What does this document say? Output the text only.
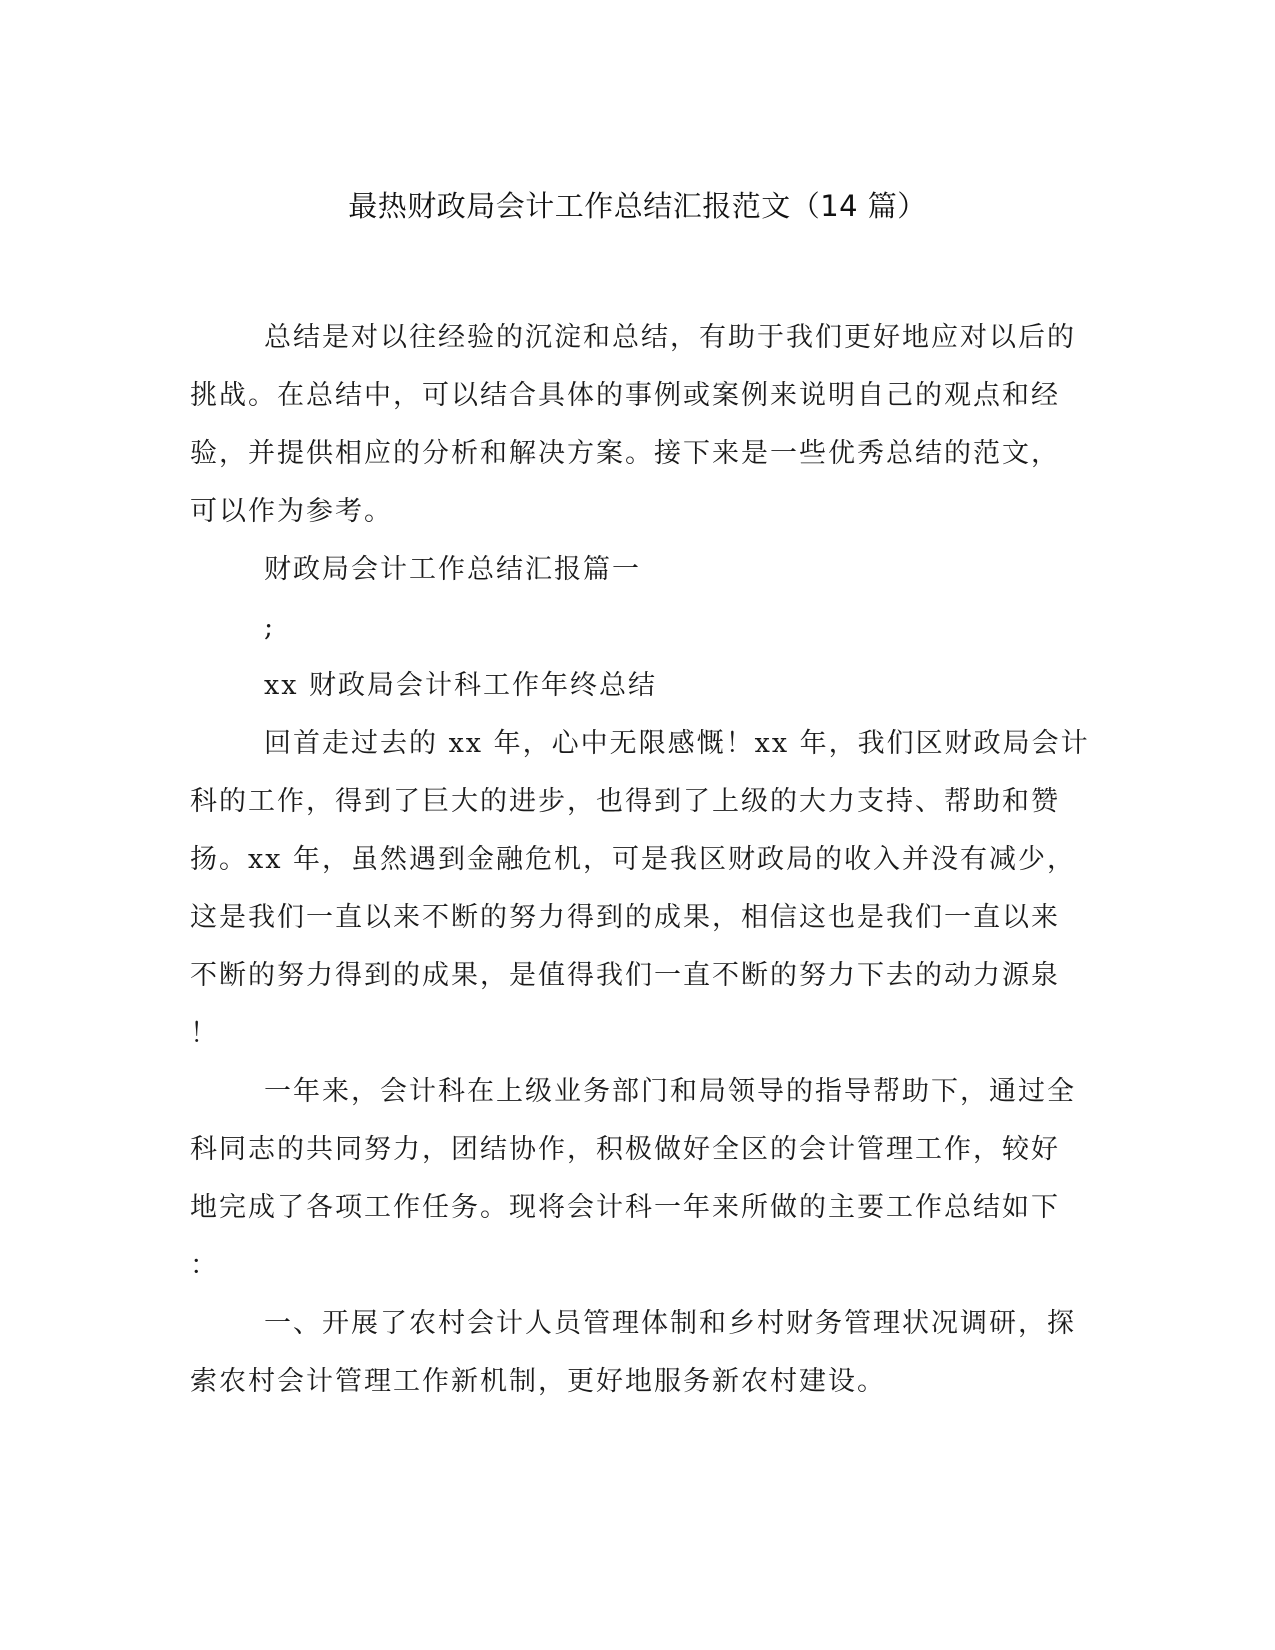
最热财政局会计工作总结汇报范文（14 篇）
总结是对以往经验的沉淀和总结，有助于我们更好地应对以后的
挑战。在总结中，可以结合具体的事例或案例来说明自己的观点和经
验，并提供相应的分析和解决方案。接下来是一些优秀总结的范文，
可以作为参考。
财政局会计工作总结汇报篇一
;
xx 财政局会计科工作年终总结
回首走过去的 xx 年，心中无限感慨！xx 年，我们区财政局会计
科的工作，得到了巨大的进步，也得到了上级的大力支持、帮助和赞
扬。xx 年，虽然遇到金融危机，可是我区财政局的收入并没有减少，
这是我们一直以来不断的努力得到的成果，相信这也是我们一直以来
不断的努力得到的成果，是值得我们一直不断的努力下去的动力源泉
！
一年来，会计科在上级业务部门和局领导的指导帮助下，通过全
科同志的共同努力，团结协作，积极做好全区的会计管理工作，较好
地完成了各项工作任务。现将会计科一年来所做的主要工作总结如下
：
一、开展了农村会计人员管理体制和乡村财务管理状况调研，探
索农村会计管理工作新机制，更好地服务新农村建设。
